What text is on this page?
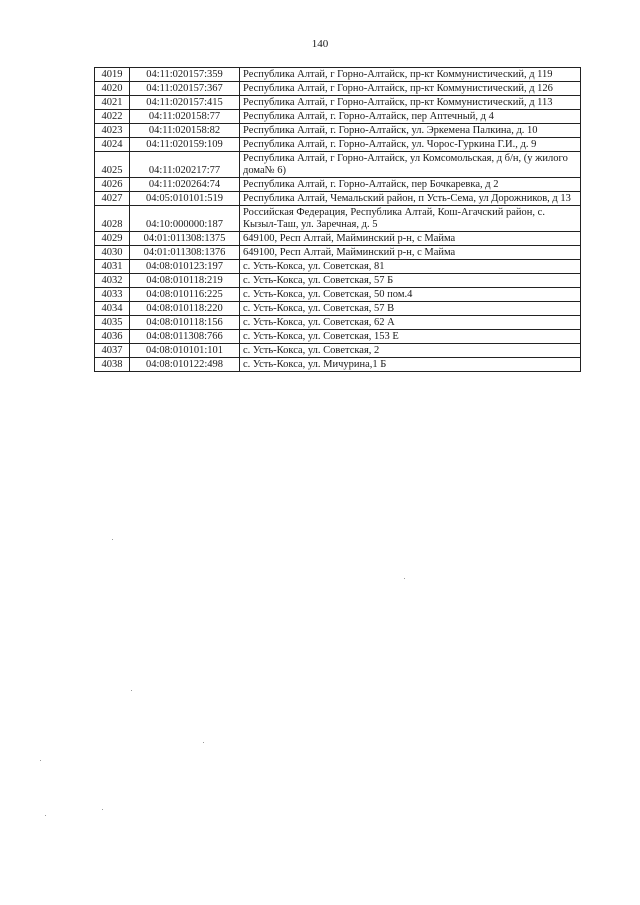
140
4019	04:11:020157:359	Республика Алтай, г Горно-Алтайск, пр-кт Коммунистический, д 119
4020	04:11:020157:367	Республика Алтай, г Горно-Алтайск, пр-кт Коммунистический, д 126
4021	04:11:020157:415	Республика Алтай, г Горно-Алтайск, пр-кт Коммунистический, д 113
4022	04:11:020158:77	Республика Алтай, г. Горно-Алтайск, пер Аптечный, д 4
4023	04:11:020158:82	Республика Алтай, г. Горно-Алтайск, ул. Эркемена Палкина, д. 10
4024	04:11:020159:109	Республика Алтай, г. Горно-Алтайск, ул. Чорос-Гуркина Г.И., д. 9
4025	04:11:020217:77	Республика Алтай, г Горно-Алтайск, ул Комсомольская, д б/н, (у жилого дома№ 6)
4026	04:11:020264:74	Республика Алтай, г. Горно-Алтайск, пер Бочкаревка, д 2
4027	04:05:010101:519	Республика Алтай, Чемальский район, п Усть-Сема, ул Дорожников, д 13
4028	04:10:000000:187	Российская Федерация, Республика Алтай, Кош-Агачский район, с. Кызыл-Таш, ул. Заречная, д. 5
4029	04:01:011308:1375	649100, Респ Алтай, Майминский р-н, с Майма
4030	04:01:011308:1376	649100, Респ Алтай, Майминский р-н, с Майма
4031	04:08:010123:197	с. Усть-Кокса, ул. Советская, 81
4032	04:08:010118:219	с. Усть-Кокса, ул. Советская, 57 Б
4033	04:08:010116:225	с. Усть-Кокса, ул. Советская, 50 пом.4
4034	04:08:010118:220	с. Усть-Кокса, ул. Советская, 57 В
4035	04:08:010118:156	с. Усть-Кокса, ул. Советская, 62 А
4036	04:08:011308:766	с. Усть-Кокса, ул. Советская, 153 Е
4037	04:08:010101:101	с. Усть-Кокса, ул. Советская, 2
4038	04:08:010122:498	с. Усть-Кокса, ул. Мичурина,1 Б
